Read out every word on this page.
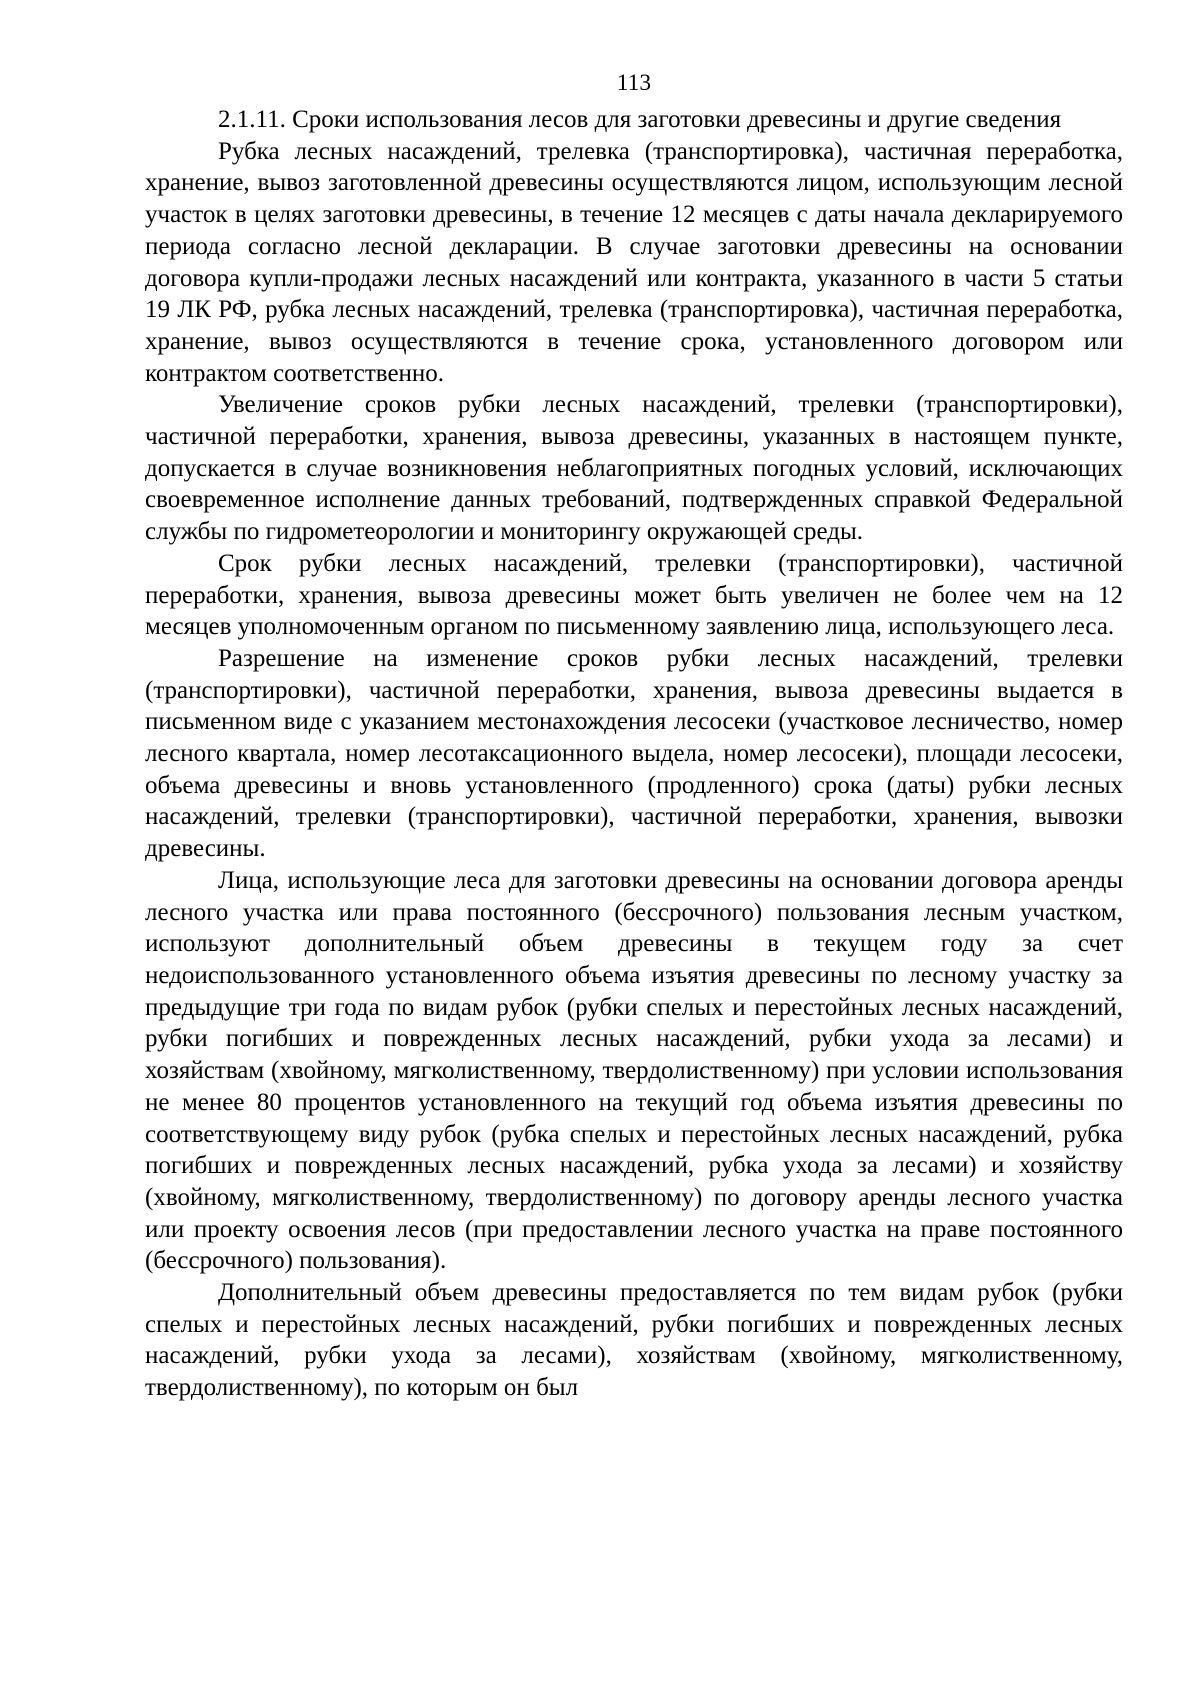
113

2.1.11. Сроки использования лесов для заготовки древесины и другие сведения

Рубка лесных насаждений, трелевка (транспортировка), частичная переработка, хранение, вывоз заготовленной древесины осуществляются лицом, использующим лесной участок в целях заготовки древесины, в течение 12 месяцев с даты начала декларируемого периода согласно лесной декларации. В случае заготовки древесины на основании договора купли-продажи лесных насаждений или контракта, указанного в части 5 статьи 19 ЛК РФ, рубка лесных насаждений, трелевка (транспортировка), частичная переработка, хранение, вывоз осуществляются в течение срока, установленного договором или контрактом соответственно.

Увеличение сроков рубки лесных насаждений, трелевки (транспортировки), частичной переработки, хранения, вывоза древесины, указанных в настоящем пункте, допускается в случае возникновения неблагоприятных погодных условий, исключающих своевременное исполнение данных требований, подтвержденных справкой Федеральной службы по гидрометеорологии и мониторингу окружающей среды.

Срок рубки лесных насаждений, трелевки (транспортировки), частичной переработки, хранения, вывоза древесины может быть увеличен не более чем на 12 месяцев уполномоченным органом по письменному заявлению лица, использующего леса.

Разрешение на изменение сроков рубки лесных насаждений, трелевки (транспортировки), частичной переработки, хранения, вывоза древесины выдается в письменном виде с указанием местонахождения лесосеки (участковое лесничество, номер лесного квартала, номер лесотаксационного выдела, номер лесосеки), площади лесосеки, объема древесины и вновь установленного (продленного) срока (даты) рубки лесных насаждений, трелевки (транспортировки), частичной переработки, хранения, вывозки древесины.

Лица, использующие леса для заготовки древесины на основании договора аренды лесного участка или права постоянного (бессрочного) пользования лесным участком, используют дополнительный объем древесины в текущем году за счет недоиспользованного установленного объема изъятия древесины по лесному участку за предыдущие три года по видам рубок (рубки спелых и перестойных лесных насаждений, рубки погибших и поврежденных лесных насаждений, рубки ухода за лесами) и хозяйствам (хвойному, мягколиственному, твердолиственному) при условии использования не менее 80 процентов установленного на текущий год объема изъятия древесины по соответствующему виду рубок (рубка спелых и перестойных лесных насаждений, рубка погибших и поврежденных лесных насаждений, рубка ухода за лесами) и хозяйству (хвойному, мягколиственному, твердолиственному) по договору аренды лесного участка или проекту освоения лесов (при предоставлении лесного участка на праве постоянного (бессрочного) пользования).

Дополнительный объем древесины предоставляется по тем видам рубок (рубки спелых и перестойных лесных насаждений, рубки погибших и поврежденных лесных насаждений, рубки ухода за лесами), хозяйствам (хвойному, мягколиственному, твердолиственному), по которым он был
